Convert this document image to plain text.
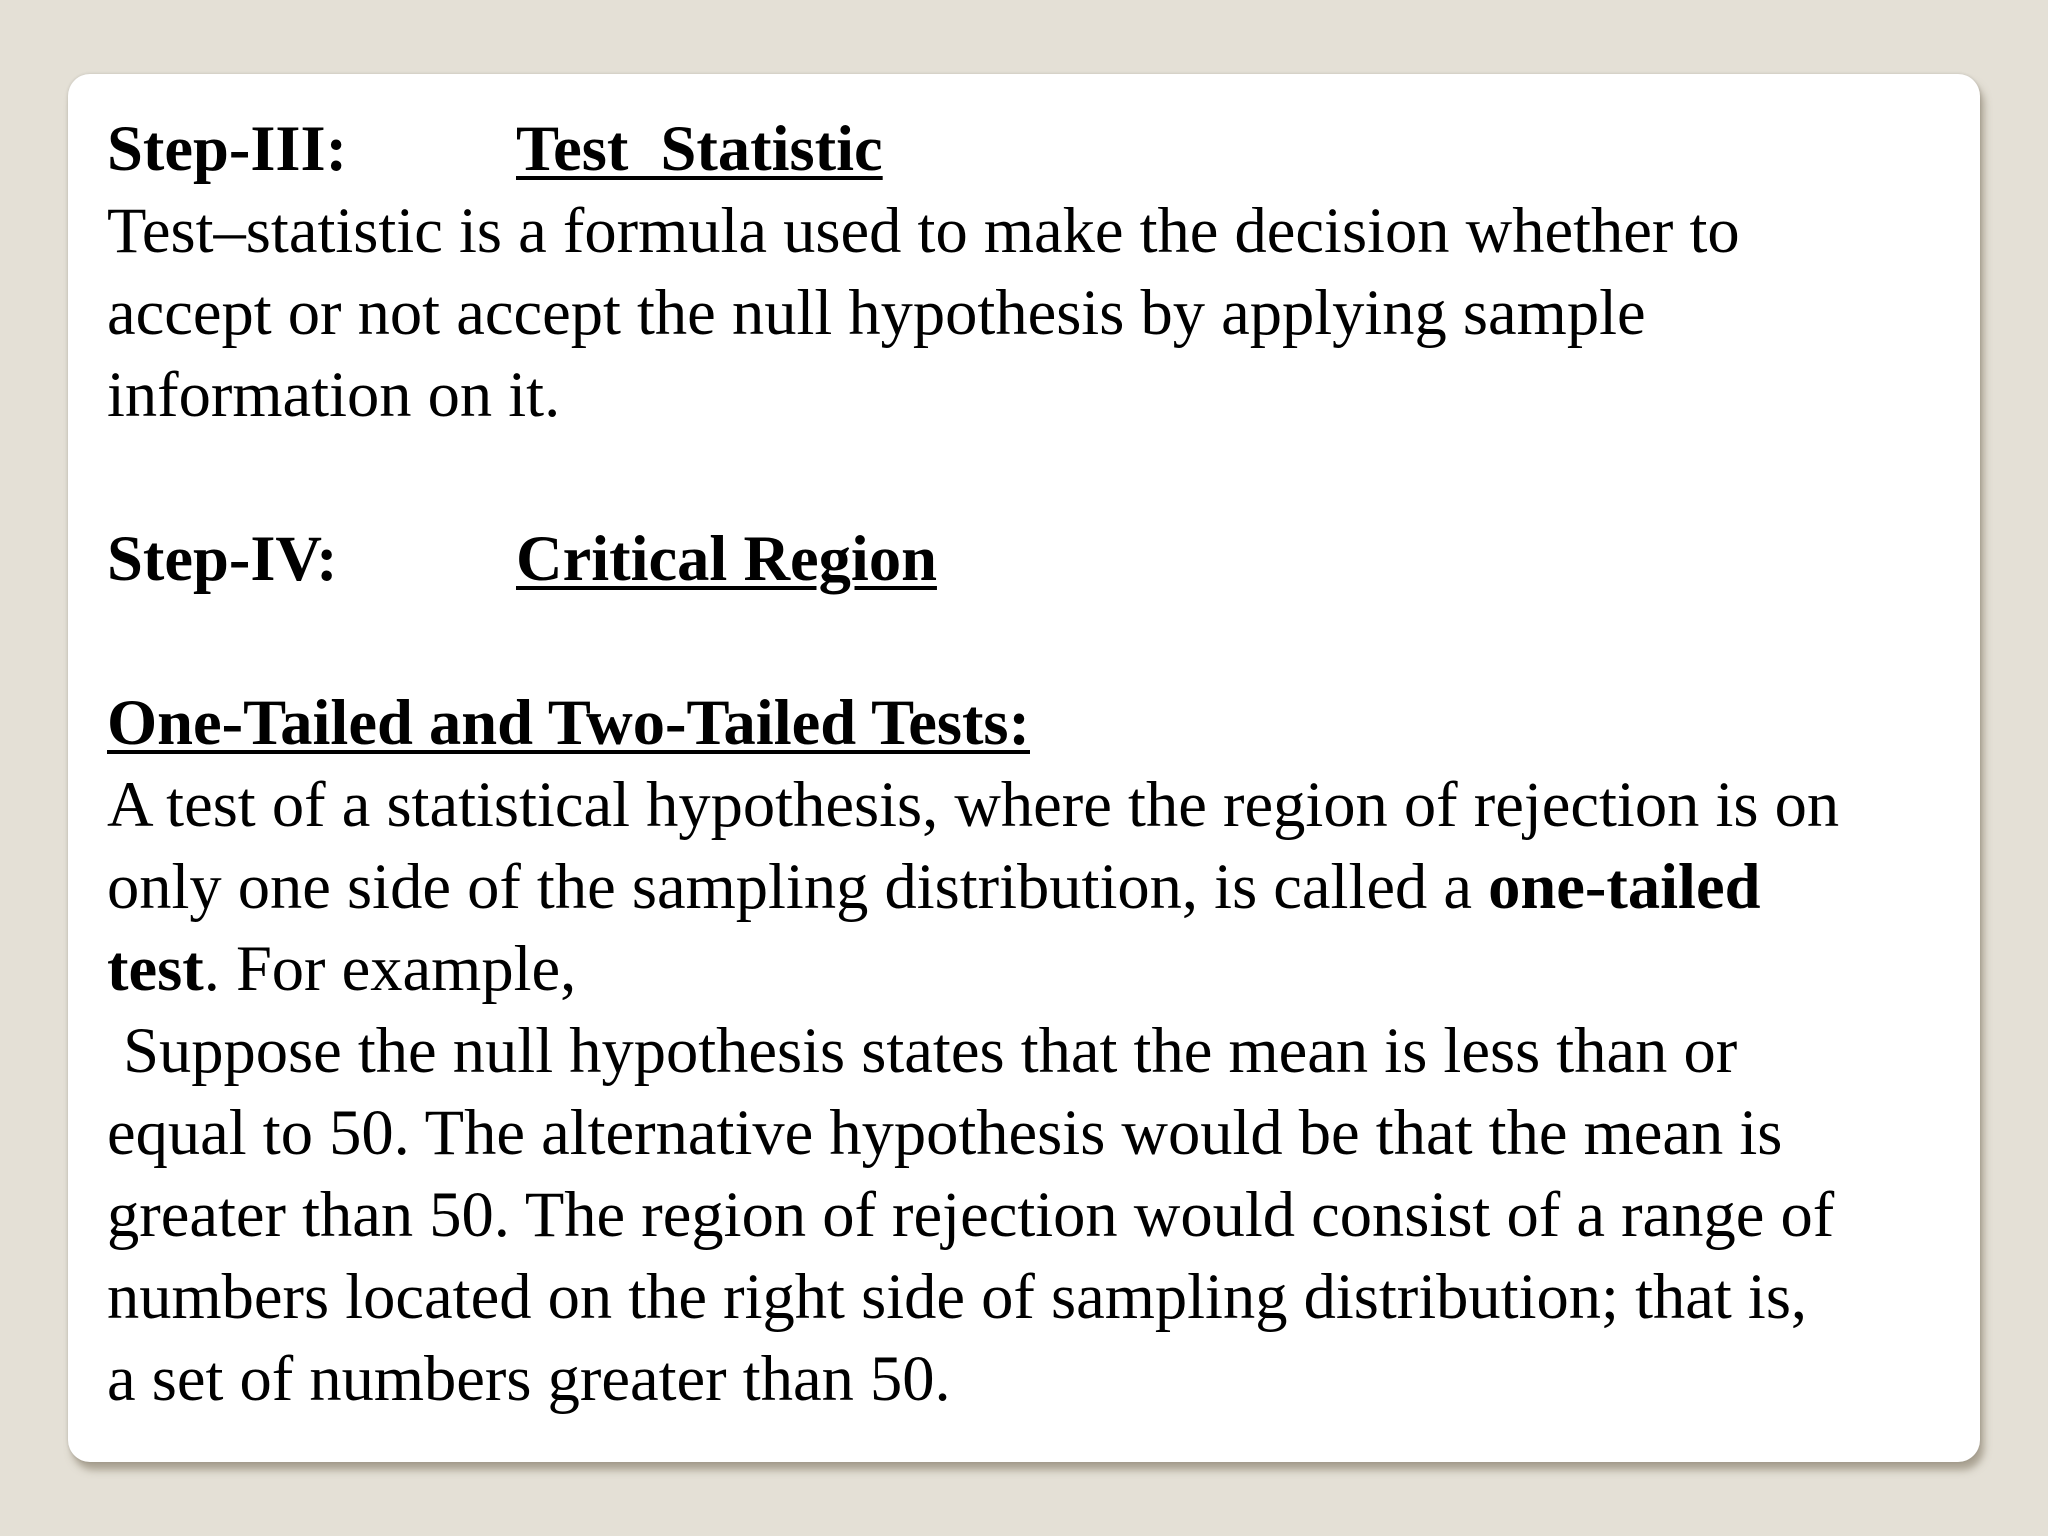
Step-III:	Test  Statistic
Test–statistic is a formula used to make the decision whether to
accept or not accept the null hypothesis by applying sample
information on it.
Step-IV:	Critical Region
One-Tailed and Two-Tailed Tests:
A test of a statistical hypothesis, where the region of rejection is on
only one side of the sampling distribution, is called a one-tailed
test. For example,
Suppose the null hypothesis states that the mean is less than or
equal to 50. The alternative hypothesis would be that the mean is
greater than 50. The region of rejection would consist of a range of
numbers located on the right side of sampling distribution; that is,
a set of numbers greater than 50.
